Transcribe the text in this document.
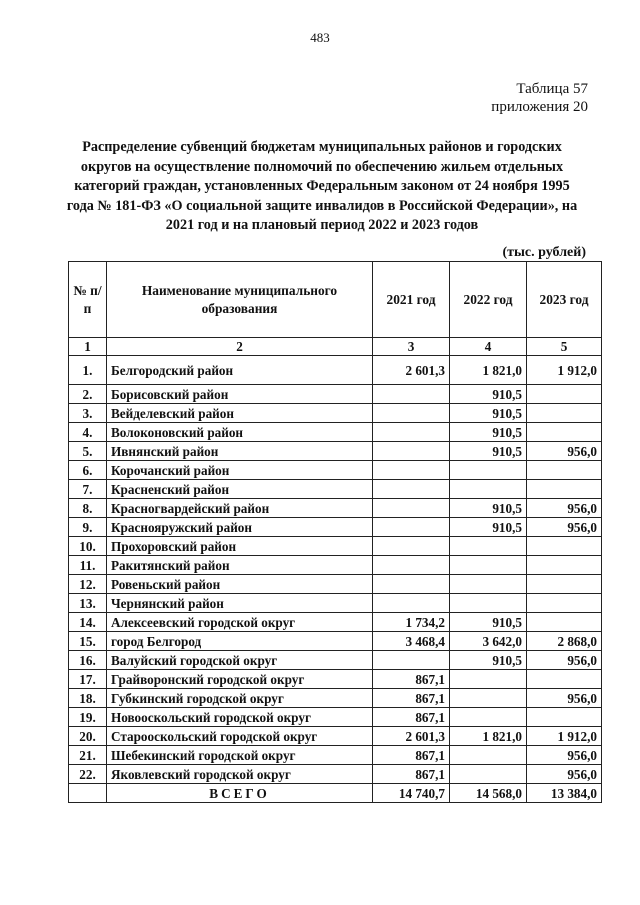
483
Таблица 57
приложения 20
Распределение субвенций бюджетам муниципальных районов и городских округов на осуществление полномочий по обеспечению жильем отдельных категорий граждан, установленных Федеральным законом от 24 ноября 1995 года № 181-ФЗ «О социальной защите инвалидов в Российской Федерации», на 2021 год и на плановый период 2022 и 2023 годов
(тыс. рублей)
№ п/п	Наименование муниципального образования	2021 год	2022 год	2023 год
1	2	3	4	5
1.	Белгородский район	2 601,3	1 821,0	1 912,0
2.	Борисовский район		910,5	
3.	Вейделевский район		910,5	
4.	Волоконовский район		910,5	
5.	Ивнянский район		910,5	956,0
6.	Корочанский район			
7.	Красненский район			
8.	Красногвардейский район		910,5	956,0
9.	Краснояружский район		910,5	956,0
10.	Прохоровский район			
11.	Ракитянский район			
12.	Ровеньский район			
13.	Чернянский район			
14.	Алексеевский городской округ	1 734,2	910,5	
15.	город Белгород	3 468,4	3 642,0	2 868,0
16.	Валуйский городской округ		910,5	956,0
17.	Грайворонский городской округ	867,1		
18.	Губкинский городской округ	867,1		956,0
19.	Новооскольский городской округ	867,1		
20.	Старооскольский городской округ	2 601,3	1 821,0	1 912,0
21.	Шебекинский городской округ	867,1		956,0
22.	Яковлевский городской округ	867,1		956,0
	ВСЕГО	14 740,7	14 568,0	13 384,0
